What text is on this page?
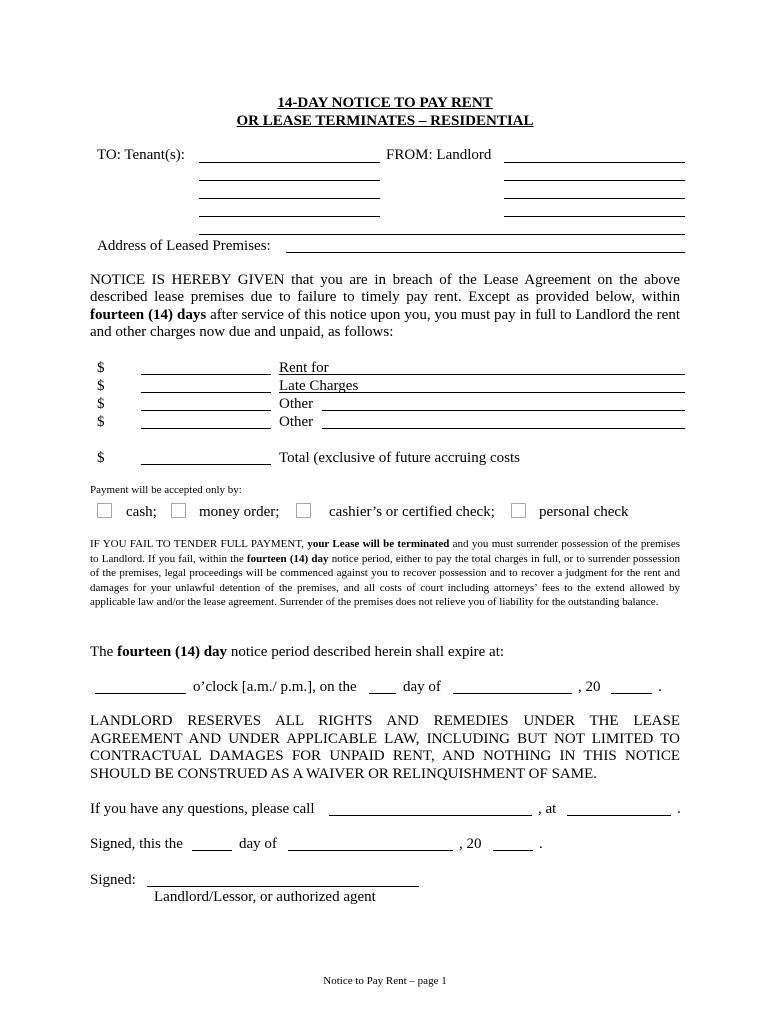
14-DAY NOTICE TO PAY RENT
OR LEASE TERMINATES – RESIDENTIAL
TO: Tenant(s):	FROM: Landlord
Address of Leased Premises:
NOTICE IS HEREBY GIVEN that you are in breach of the Lease Agreement on the above described lease premises due to failure to timely pay rent. Except as provided below, within fourteen (14) days after service of this notice upon you, you must pay in full to Landlord the rent and other charges now due and unpaid, as follows:
$	Rent for
$	Late Charges
$	Other
$	Other
$	Total (exclusive of future accruing costs
Payment will be accepted only by:
cash;	money order;	cashier’s or certified check;	personal check
IF YOU FAIL TO TENDER FULL PAYMENT, your Lease will be terminated and you must surrender possession of the premises to Landlord. If you fail, within the fourteen (14) day notice period, either to pay the total charges in full, or to surrender possession of the premises, legal proceedings will be commenced against you to recover possession and to recover a judgment for the rent and damages for your unlawful detention of the premises, and all costs of court including attorneys’ fees to the extend allowed by applicable law and/or the lease agreement. Surrender of the premises does not relieve you of liability for the outstanding balance.
The fourteen (14) day notice period described herein shall expire at:
o’clock [a.m./ p.m.], on the	day of	, 20	.
LANDLORD RESERVES ALL RIGHTS AND REMEDIES UNDER THE LEASE AGREEMENT AND UNDER APPLICABLE LAW, INCLUDING BUT NOT LIMITED TO CONTRACTUAL DAMAGES FOR UNPAID RENT, AND NOTHING IN THIS NOTICE SHOULD BE CONSTRUED AS A WAIVER OR RELINQUISHMENT OF SAME.
If you have any questions, please call	, at	.
Signed, this the	day of	, 20	.
Signed:
Landlord/Lessor, or authorized agent
Notice to Pay Rent – page 1
